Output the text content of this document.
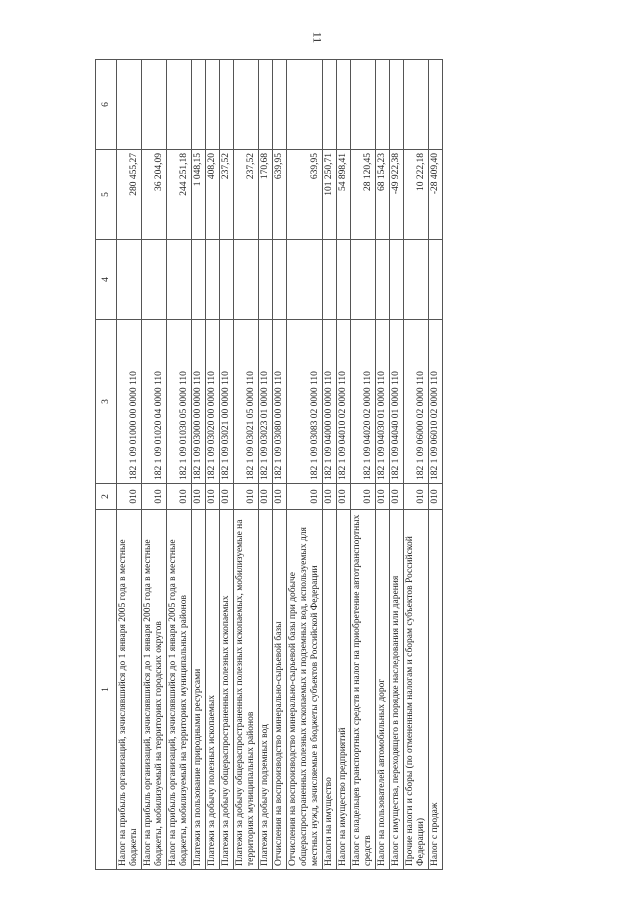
11
1	2	3	4	5	6
Налог на прибыль организаций, зачислявшийся до 1 января 2005 года в местные бюджеты	010	182 1 09 01000 00 0000 110		280 455,27	
Налог на прибыль организаций, зачислявшийся до 1 января 2005 года в местные бюджеты, мобилизуемый на территориях городских округов	010	182 1 09 01020 04 0000 110		36 204,09	
Налог на прибыль организаций, зачислявшийся до 1 января 2005 года в местные бюджеты, мобилизуемый на территориях муниципальных районов	010	182 1 09 01030 05 0000 110		244 251,18	
Платежи за пользование природными ресурсами	010	182 1 09 03000 00 0000 110		1 048,15	
Платежи за добычу полезных ископаемых	010	182 1 09 03020 00 0000 110		408,20	
Платежи за добычу общераспространенных полезных ископаемых	010	182 1 09 03021 00 0000 110		237,52	
Платежи за добычу общераспространенных полезных ископаемых, мобилизуемые на территориях муниципальных районов	010	182 1 09 03021 05 0000 110		237,52	
Платежи за добычу подземных вод	010	182 1 09 03023 01 0000 110		170,68	
Отчисления на воспроизводство минерально-сырьевой базы	010	182 1 09 03080 00 0000 110		639,95	
Отчисления на воспроизводство минерально-сырьевой базы при добыче общераспространенных полезных ископаемых и подземных вод, используемых для местных нужд, зачисляемые в бюджеты субъектов Российской Федерации	010	182 1 09 03083 02 0000 110		639,95	
Налоги на имущество	010	182 1 09 04000 00 0000 110		101 250,71	
Налог на имущество предприятий	010	182 1 09 04010 02 0000 110		54 898,41	
Налог с владельцев транспортных средств и налог на приобретение автотранспортных средств	010	182 1 09 04020 02 0000 110		28 120,45	
Налог на пользователей автомобильных дорог	010	182 1 09 04030 01 0000 110		68 154,23	
Налог с имущества, переходящего в порядке наследования или дарения	010	182 1 09 04040 01 0000 110		-49 922,38	
Прочие налоги и сборы (по отмененным налогам и сборам субъектов Российской Федерации)	010	182 1 09 06000 02 0000 110		10 222,18	
Налог с продаж	010	182 1 09 06010 02 0000 110		-28 409,40	
